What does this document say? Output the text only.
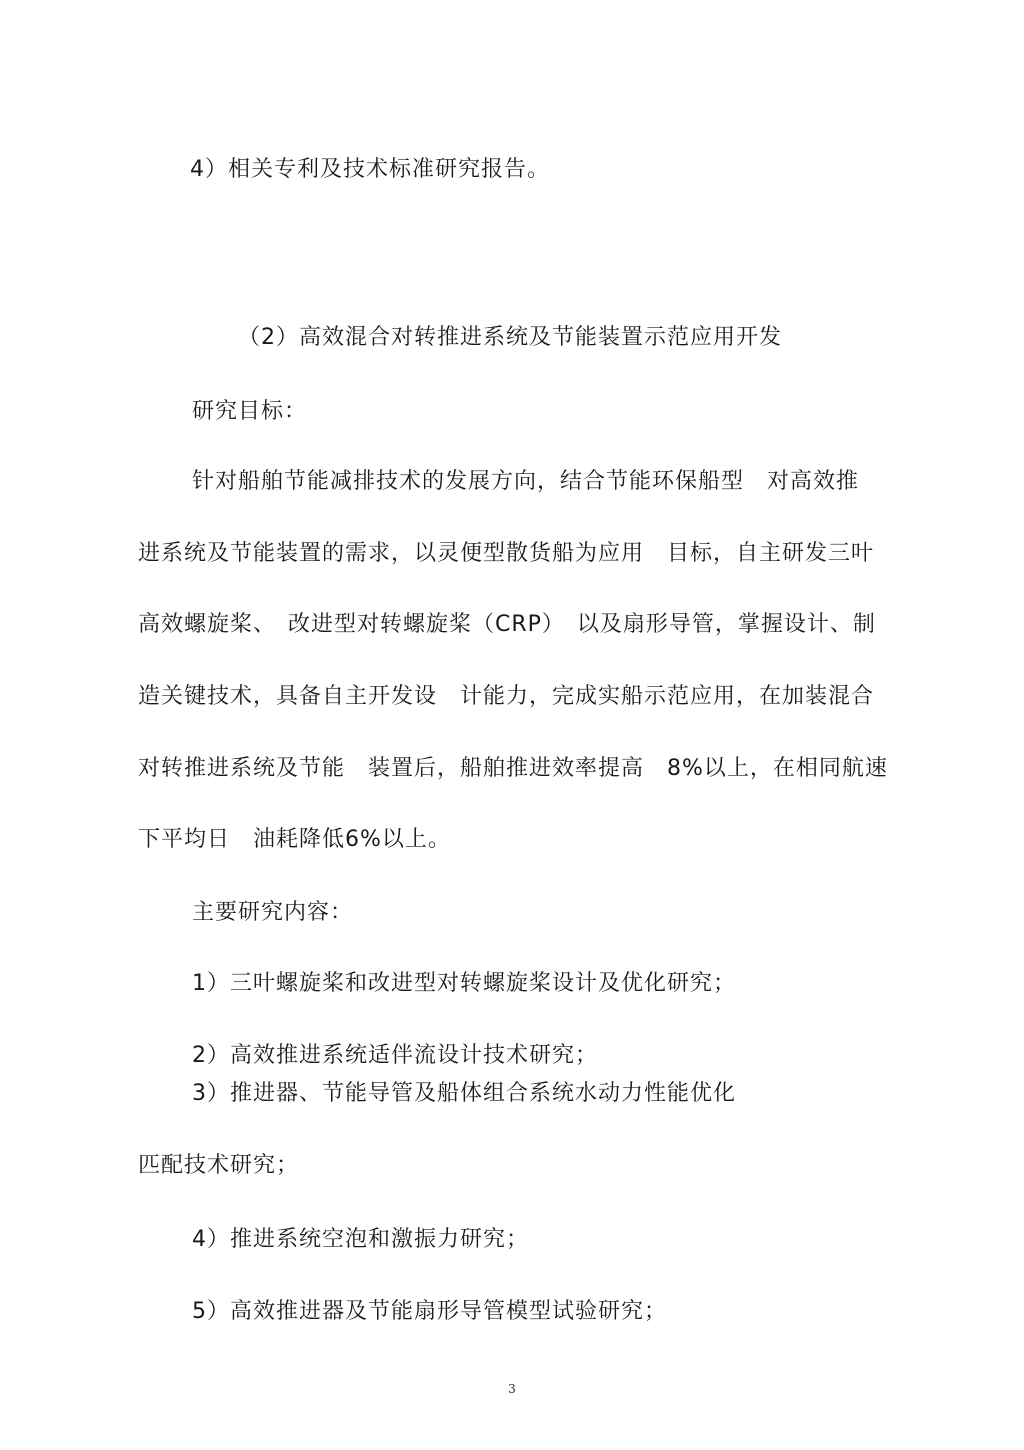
4）相关专利及技术标准研究报告。
（2）高效混合对转推进系统及节能装置示范应用开发
研究目标：
针对船舶节能减排技术的发展方向，结合节能环保船型　对高效推
进系统及节能装置的需求，以灵便型散货船为应用　目标，自主研发三叶
高效螺旋桨、　改进型对转螺旋桨（CRP）　以及扇形导管，掌握设计、制
造关键技术，具备自主开发设　计能力，完成实船示范应用，在加装混合
对转推进系统及节能　装置后，船舶推进效率提高　8%以上，在相同航速
下平均日　油耗降低6%以上。
主要研究内容：
1）三叶螺旋桨和改进型对转螺旋桨设计及优化研究；
2）高效推进系统适伴流设计技术研究；
3）推进器、节能导管及船体组合系统水动力性能优化
匹配技术研究；
4）推进系统空泡和激振力研究；
5）高效推进器及节能扇形导管模型试验研究；
3
